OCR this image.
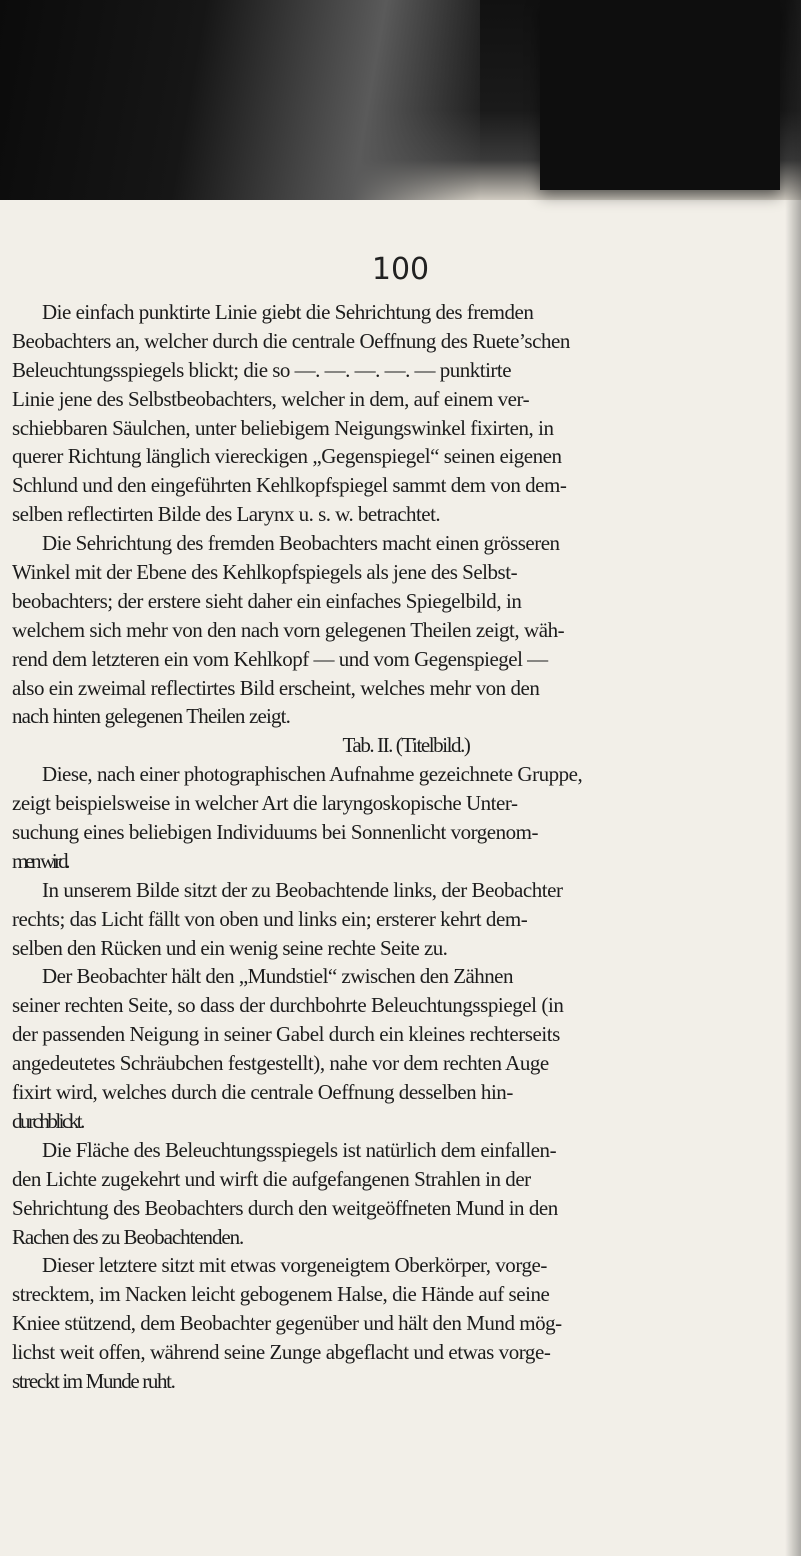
100
Die einfach punktirte Linie giebt die Sehrichtung des fremden
Beobachters an, welcher durch die centrale Oeffnung des Ruete’schen
Beleuchtungsspiegels blickt; die so —. —. —. —. — punktirte
Linie jene des Selbstbeobachters, welcher in dem, auf einem ver-
schiebbaren Säulchen, unter beliebigem Neigungswinkel fixirten, in
querer Richtung länglich viereckigen „Gegenspiegel“ seinen eigenen
Schlund und den eingeführten Kehlkopfspiegel sammt dem von dem-
selben reflectirten Bilde des Larynx u. s. w. betrachtet.
Die Sehrichtung des fremden Beobachters macht einen grösseren
Winkel mit der Ebene des Kehlkopfspiegels als jene des Selbst-
beobachters; der erstere sieht daher ein einfaches Spiegelbild, in
welchem sich mehr von den nach vorn gelegenen Theilen zeigt, wäh-
rend dem letzteren ein vom Kehlkopf — und vom Gegenspiegel —
also ein zweimal reflectirtes Bild erscheint, welches mehr von den
nach hinten gelegenen Theilen zeigt.
Tab. II. (Titelbild.)
Diese, nach einer photographischen Aufnahme gezeichnete Gruppe,
zeigt beispielsweise in welcher Art die laryngoskopische Unter-
suchung eines beliebigen Individuums bei Sonnenlicht vorgenom-
men wird.
In unserem Bilde sitzt der zu Beobachtende links, der Beobachter
rechts; das Licht fällt von oben und links ein; ersterer kehrt dem-
selben den Rücken und ein wenig seine rechte Seite zu.
Der Beobachter hält den „Mundstiel“ zwischen den Zähnen
seiner rechten Seite, so dass der durchbohrte Beleuchtungsspiegel (in
der passenden Neigung in seiner Gabel durch ein kleines rechterseits
angedeutetes Schräubchen festgestellt), nahe vor dem rechten Auge
fixirt wird, welches durch die centrale Oeffnung desselben hin-
durchblickt.
Die Fläche des Beleuchtungsspiegels ist natürlich dem einfallen-
den Lichte zugekehrt und wirft die aufgefangenen Strahlen in der
Sehrichtung des Beobachters durch den weitgeöffneten Mund in den
Rachen des zu Beobachtenden.
Dieser letztere sitzt mit etwas vorgeneigtem Oberkörper, vorge-
strecktem, im Nacken leicht gebogenem Halse, die Hände auf seine
Kniee stützend, dem Beobachter gegenüber und hält den Mund mög-
lichst weit offen, während seine Zunge abgeflacht und etwas vorge-
streckt im Munde ruht.
